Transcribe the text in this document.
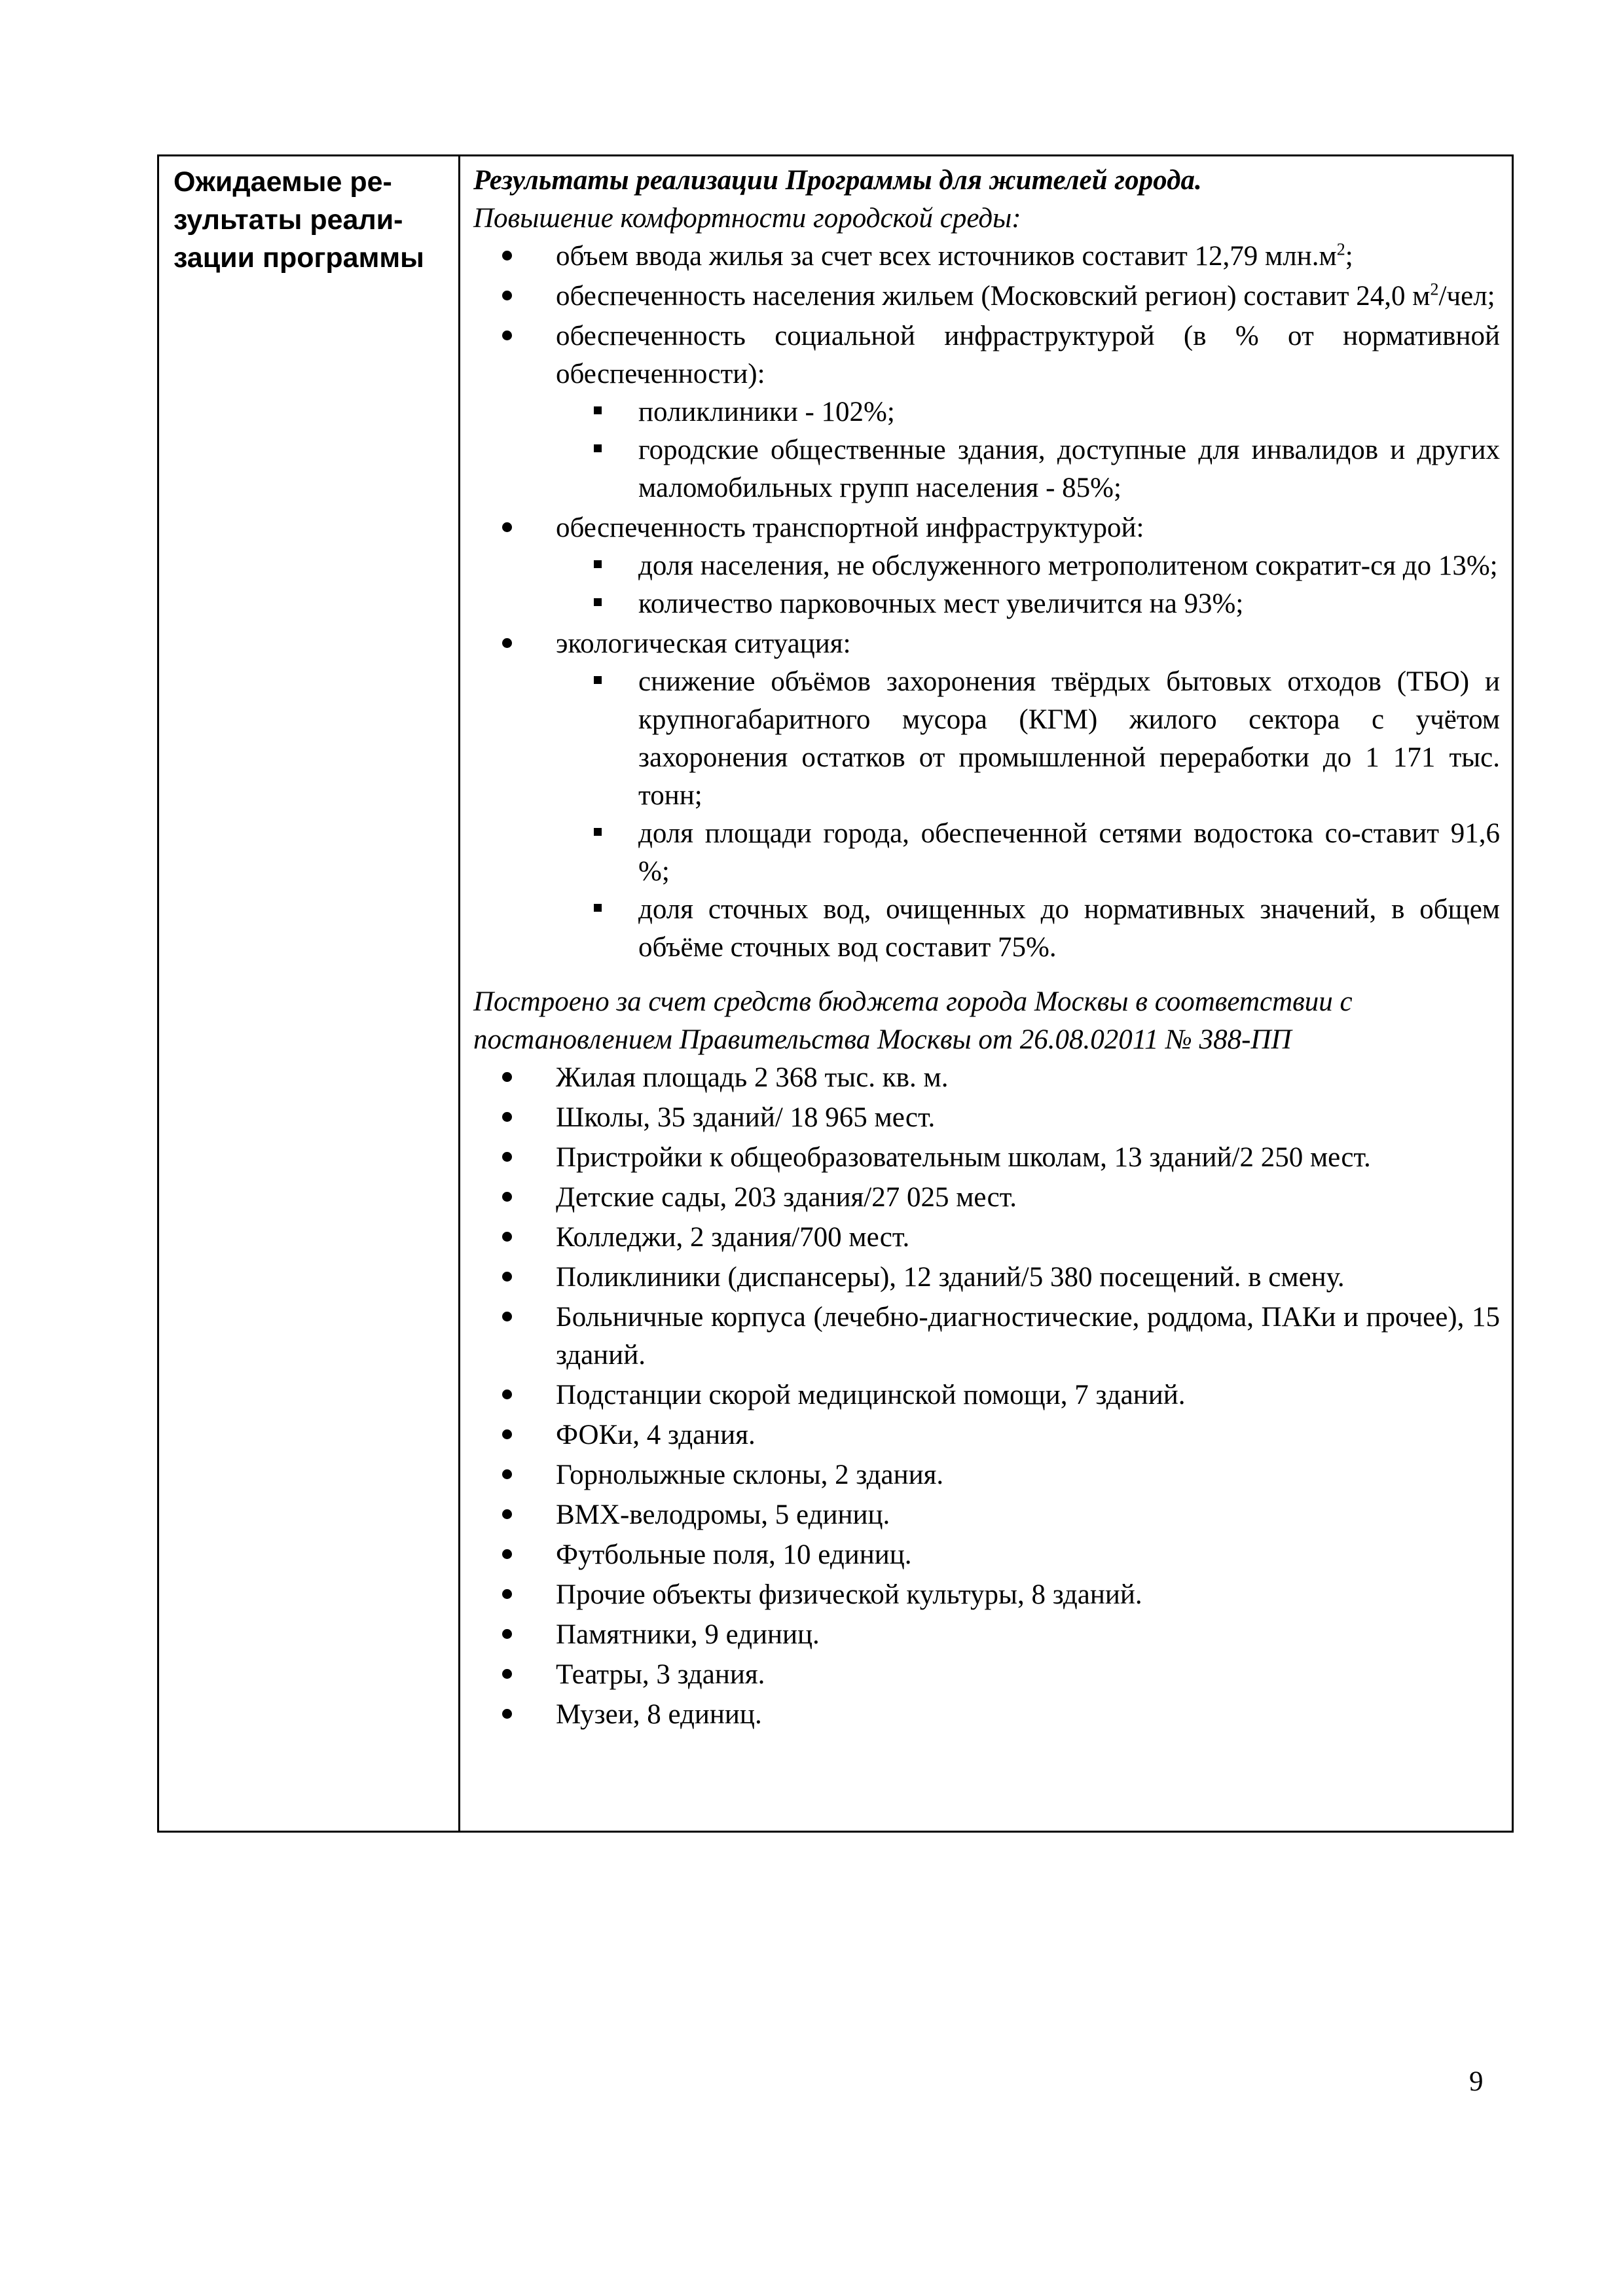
Ожидаемые ре-
зультаты реали-
зации программы

Результаты реализации Программы для жителей города.

Повышение комфортности городской среды:

объем ввода жилья за счет всех источников составит 12,79 $млн.м^2$;
обеспеченность населения жильем (Московский регион) составит 24,0 $м^2$/чел;
обеспеченность социальной инфраструктурой (в % от нормативной обеспеченности):
поликлиники - 102%;
городские общественные здания, доступные для инвалидов и других маломобильных групп населения - 85%;
обеспеченность транспортной инфраструктурой:
доля населения, не обслуженного метрополитеном сократит-ся до 13%;
количество парковочных мест увеличится на 93%;
экологическая ситуация:
снижение объёмов захоронения твёрдых бытовых отходов (ТБО) и крупногабаритного мусора (КГМ) жилого сектора с учётом захоронения остатков от промышленной переработки до 1 171 тыс. тонн;
доля площади города, обеспеченной сетями водостока со-ставит 91,6 %;
доля сточных вод, очищенных до нормативных значений, в общем объёме сточных вод составит 75%.

Построено за счет средств бюджета города Москвы в соответствии с постановлением Правительства Москвы от 26.08.02011 № 388-ПП

Жилая площадь 2 368 тыс. кв. м.
Школы, 35 зданий/ 18 965 мест.
Пристройки к общеобразовательным школам, 13 зданий/2 250 мест.
Детские сады, 203 здания/27 025 мест.
Колледжи, 2 здания/700 мест.
Поликлиники (диспансеры), 12 зданий/5 380 посещений. в смену.
Больничные корпуса (лечебно-диагностические, роддома, ПАКи и прочее), 15 зданий.
Подстанции скорой медицинской помощи, 7 зданий.
ФОКи, 4 здания.
Горнолыжные склоны, 2 здания.
ВМХ-велодромы, 5 единиц.
Футбольные поля, 10 единиц.
Прочие объекты физической культуры, 8 зданий.
Памятники, 9 единиц.
Театры, 3 здания.
Музеи, 8 единиц.
9
